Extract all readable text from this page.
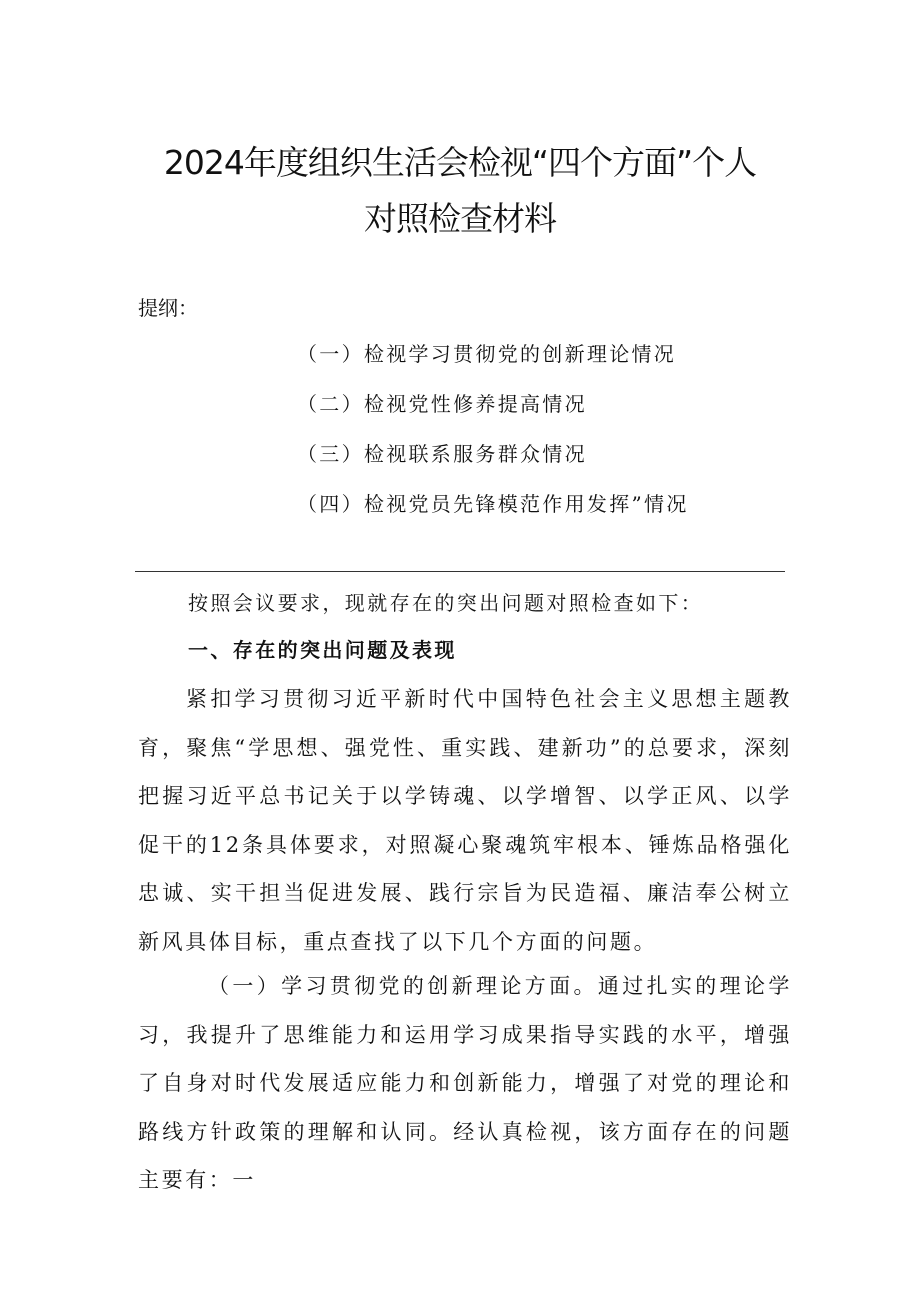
2024年度组织生活会检视“四个方面”个人
对照检查材料
提纲：
（一）检视学习贯彻党的创新理论情况
（二）检视党性修养提高情况
（三）检视联系服务群众情况
（四）检视党员先锋模范作用发挥”情况
按照会议要求，现就存在的突出问题对照检查如下：
一、存在的突出问题及表现

紧扣学习贯彻习近平新时代中国特色社会主义思想主题教育，聚焦“学思想、强党性、重实践、建新功”的总要求，深刻把握习近平总书记关于以学铸魂、以学增智、以学正风、以学促干的12条具体要求，对照凝心聚魂筑牢根本、锤炼品格强化忠诚、实干担当促进发展、践行宗旨为民造福、廉洁奉公树立新风具体目标，重点查找了以下几个方面的问题。

（一）学习贯彻党的创新理论方面。通过扎实的理论学习，我提升了思维能力和运用学习成果指导实践的水平，增强了自身对时代发展适应能力和创新能力，增强了对党的理论和路线方针政策的理解和认同。经认真检视，该方面存在的问题主要有：一
